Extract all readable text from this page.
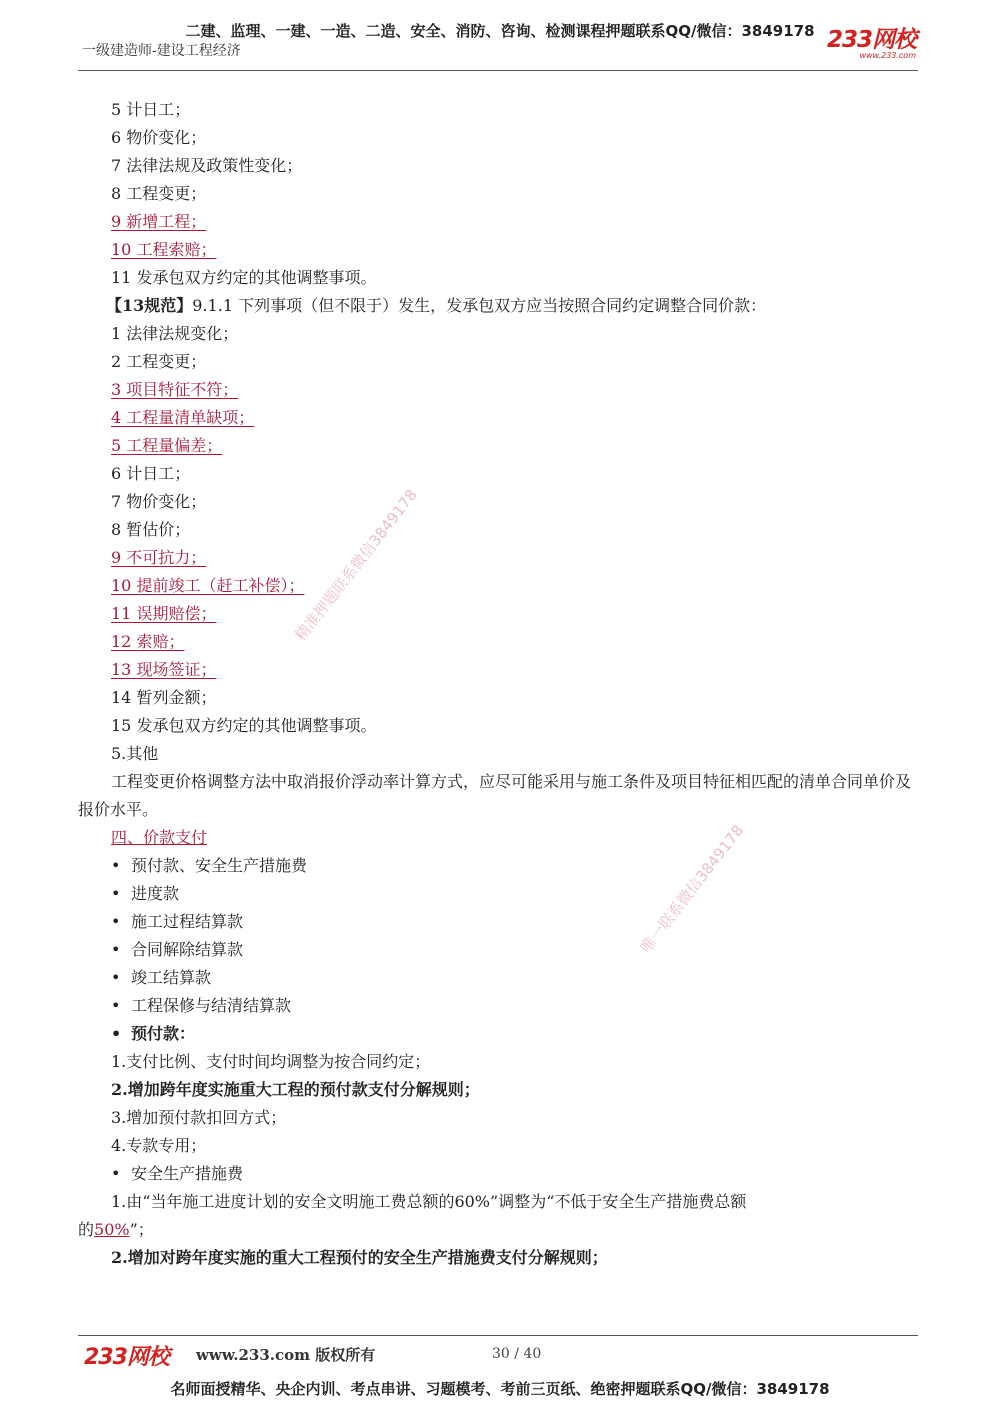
二建、监理、一建、一造、二造、安全、消防、咨询、检测课程押题联系QQ/微信：3849178
一级建造师-建设工程经济	233网校
www.233.com
5 计日工；
6 物价变化；
7 法律法规及政策性变化；
8 工程变更；
9 新增工程；
10 工程索赔；
11 发承包双方约定的其他调整事项。
【13规范】9.1.1 下列事项（但不限于）发生，发承包双方应当按照合同约定调整合同价款：
1 法律法规变化；
2 工程变更；
3 项目特征不符；
4 工程量清单缺项；
5 工程量偏差；
6 计日工；
7 物价变化；
8 暂估价；
9 不可抗力；
10 提前竣工（赶工补偿）；
11 误期赔偿；
12 索赔；
13 现场签证；
14 暂列金额；
15 发承包双方约定的其他调整事项。
5.其他
工程变更价格调整方法中取消报价浮动率计算方式，应尽可能采用与施工条件及项目特征相匹配的清单合同单价及报价水平。
四、价款支付
• 预付款、安全生产措施费
• 进度款
• 施工过程结算款
• 合同解除结算款
• 竣工结算款
• 工程保修与结清结算款
• 预付款：
1.支付比例、支付时间均调整为按合同约定；
2.增加跨年度实施重大工程的预付款支付分解规则；
3.增加预付款扣回方式；
4.专款专用；
• 安全生产措施费
1.由“当年施工进度计划的安全文明施工费总额的60%”调整为“不低于安全生产措施费总额
的50%”；
2.增加对跨年度实施的重大工程预付的安全生产措施费支付分解规则；
精准押题联系微信3849178
唯一联系微信3849178
233网校 www.233.com 版权所有	30 / 40
名师面授精华、央企内训、考点串讲、习题模考、考前三页纸、绝密押题联系QQ/微信：3849178
